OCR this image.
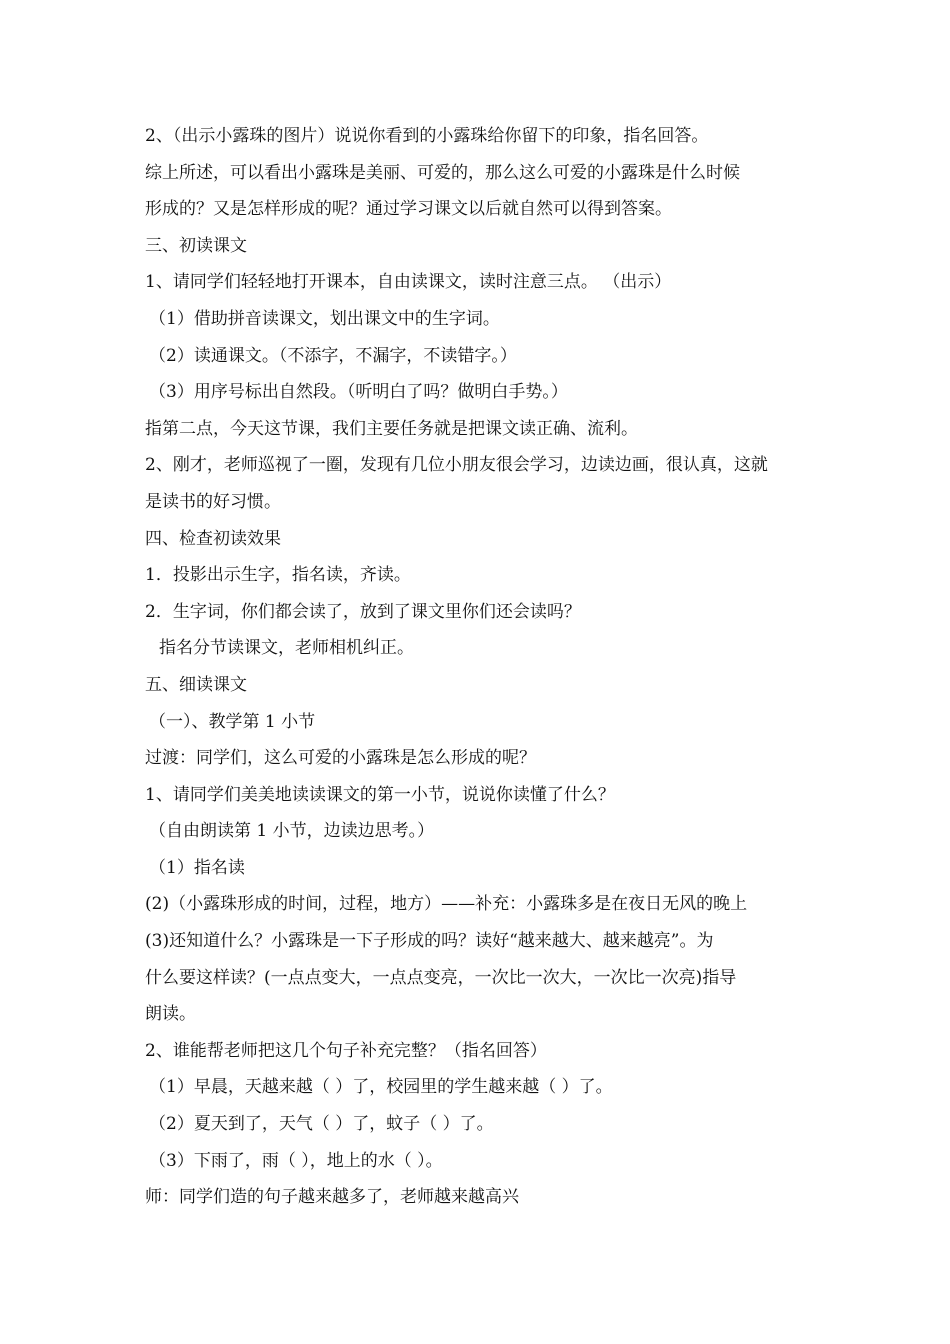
2、（出示小露珠的图片）说说你看到的小露珠给你留下的印象，指名回答。
综上所述，可以看出小露珠是美丽、可爱的，那么这么可爱的小露珠是什么时候
形成的？又是怎样形成的呢？通过学习课文以后就自然可以得到答案。
三、初读课文
1、请同学们轻轻地打开课本，自由读课文，读时注意三点。 （出示）
（1）借助拼音读课文，划出课文中的生字词。
（2）读通课文。（不添字，不漏字，不读错字。）
（3）用序号标出自然段。（听明白了吗？做明白手势。）
指第二点，今天这节课，我们主要任务就是把课文读正确、流利。
2、刚才，老师巡视了一圈，发现有几位小朋友很会学习，边读边画，很认真，这就
是读书的好习惯。
四、检查初读效果
1．投影出示生字，指名读，齐读。
2．生字词，你们都会读了，放到了课文里你们还会读吗？
指名分节读课文，老师相机纠正。
五、细读课文
（一）、教学第 1 小节
过渡：同学们，这么可爱的小露珠是怎么形成的呢？
1、请同学们美美地读读课文的第一小节，说说你读懂了什么？
（自由朗读第 1 小节，边读边思考。）
（1）指名读
(2)（小露珠形成的时间，过程，地方）——补充：小露珠多是在夜日无风的晚上
(3)还知道什么？小露珠是一下子形成的吗？读好“越来越大、越来越亮”。为
什么要这样读？(一点点变大，一点点变亮，一次比一次大，一次比一次亮)指导
朗读。
2、谁能帮老师把这几个句子补充完整？（指名回答）
（1）早晨，天越来越（ ）了，校园里的学生越来越（ ）了。
（2）夏天到了，天气（ ）了，蚊子（ ）了。
（3）下雨了，雨（ ），地上的水（ ）。
师：同学们造的句子越来越多了，老师越来越高兴
